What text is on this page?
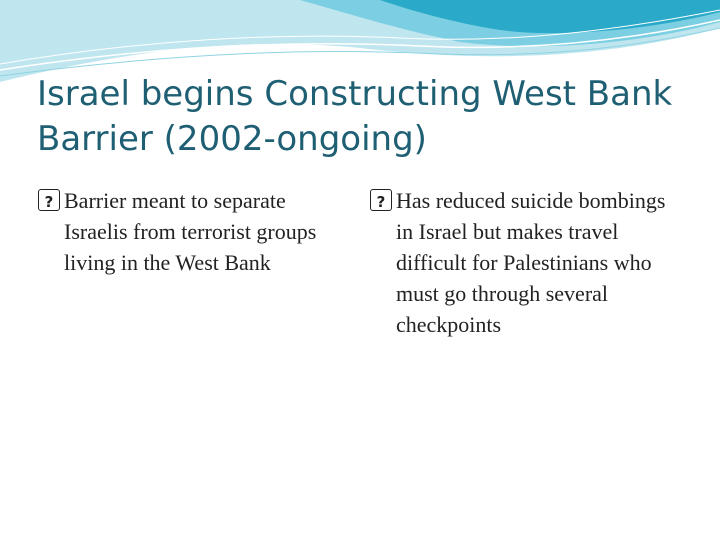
Israel begins Constructing West Bank Barrier (2002-ongoing)

?Barrier meant to separate Israelis from terrorist groups living in the West Bank

?Has reduced suicide bombings in Israel but makes travel difficult for Palestinians who must go through several checkpoints
